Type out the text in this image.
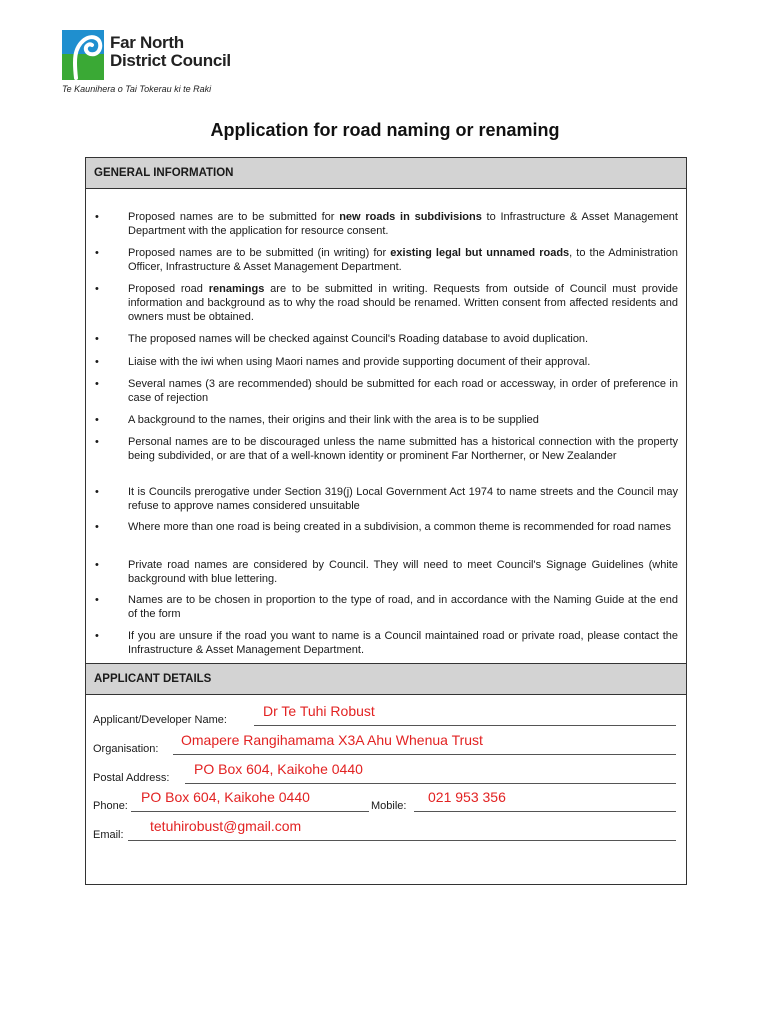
Far North
District Council
Te Kaunihera o Tai Tokerau ki te Raki
Application for road naming or renaming
GENERAL INFORMATION
•	Proposed names are to be submitted for new roads in subdivisions to Infrastructure & Asset Management Department with the application for resource consent.
•	Proposed names are to be submitted (in writing) for existing legal but unnamed roads, to the Administration Officer, Infrastructure & Asset Management Department.
•	Proposed road renamings are to be submitted in writing. Requests from outside of Council must provide information and background as to why the road should be renamed. Written consent from affected residents and owners must be obtained.
•	The proposed names will be checked against Council's Roading database to avoid duplication.
•	Liaise with the iwi when using Maori names and provide supporting document of their approval.
•	Several names (3 are recommended) should be submitted for each road or accessway, in order of preference in case of rejection
•	A background to the names, their origins and their link with the area is to be supplied
•	Personal names are to be discouraged unless the name submitted has a historical connection with the property being subdivided, or are that of a well-known identity or prominent Far Northerner, or New Zealander
•	It is Councils prerogative under Section 319(j) Local Government Act 1974 to name streets and the Council may refuse to approve names considered unsuitable
•	Where more than one road is being created in a subdivision, a common theme is recommended for road names
•	Private road names are considered by Council. They will need to meet Council's Signage Guidelines (white background with blue lettering.
•	Names are to be chosen in proportion to the type of road, and in accordance with the Naming Guide at the end of the form
•	If you are unsure if the road you want to name is a Council maintained road or private road, please contact the Infrastructure & Asset Management Department.
APPLICANT DETAILS
Applicant/Developer Name:
Dr Te Tuhi Robust
Organisation:
Omapere Rangihamama X3A Ahu Whenua Trust
Postal Address:
PO Box 604, Kaikohe 0440
Phone:
PO Box 604, Kaikohe 0440
Mobile:
021 953 356
Email:
tetuhirobust@gmail.com
